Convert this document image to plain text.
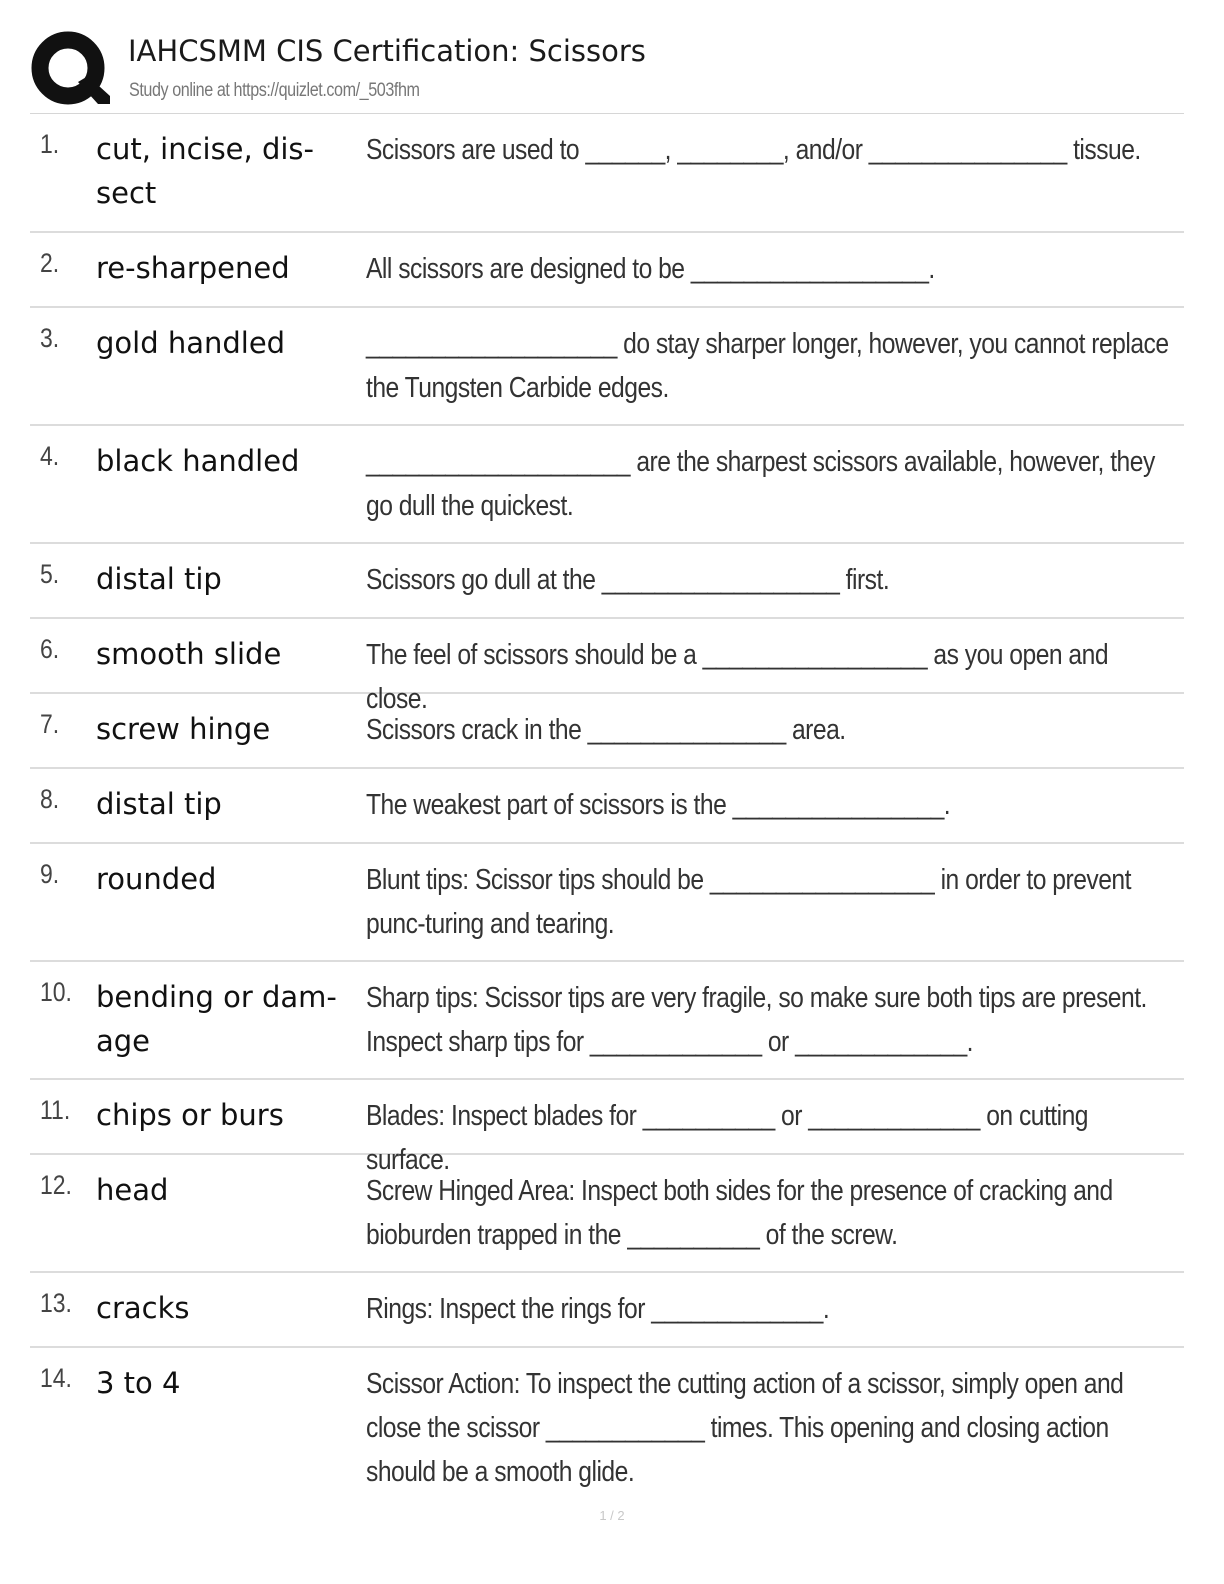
IAHCSMM CIS Certification: Scissors
Study online at https://quizlet.com/_503fhm
1. cut, incise, dis-sect
Scissors are used to ______, ________, and/or _______________ tissue.
2. re-sharpened	All scissors are designed to be __________________.
3. gold handled	___________________ do stay sharper longer, however, you cannot replace the Tungsten Carbide edges.
4. black handled	____________________ are the sharpest scissors available, however, they go dull the quickest.
5. distal tip	Scissors go dull at the __________________ first.
6. smooth slide	The feel of scissors should be a _________________ as you open and close.
7. screw hinge	Scissors crack in the _______________ area.
8. distal tip	The weakest part of scissors is the ________________.
9. rounded	Blunt tips: Scissor tips should be _________________ in order to prevent punc-turing and tearing.
10. bending or dam-age
Sharp tips: Scissor tips are very fragile, so make sure both tips are present. Inspect sharp tips for _____________ or _____________.
11. chips or burs	Blades: Inspect blades for __________ or _____________ on cutting surface.
12. head	Screw Hinged Area: Inspect both sides for the presence of cracking and bioburden trapped in the __________ of the screw.
13. cracks	Rings: Inspect the rings for _____________.
14. 3 to 4	Scissor Action: To inspect the cutting action of a scissor, simply open and close the scissor ____________ times. This opening and closing action should be a smooth glide.
1 / 2
